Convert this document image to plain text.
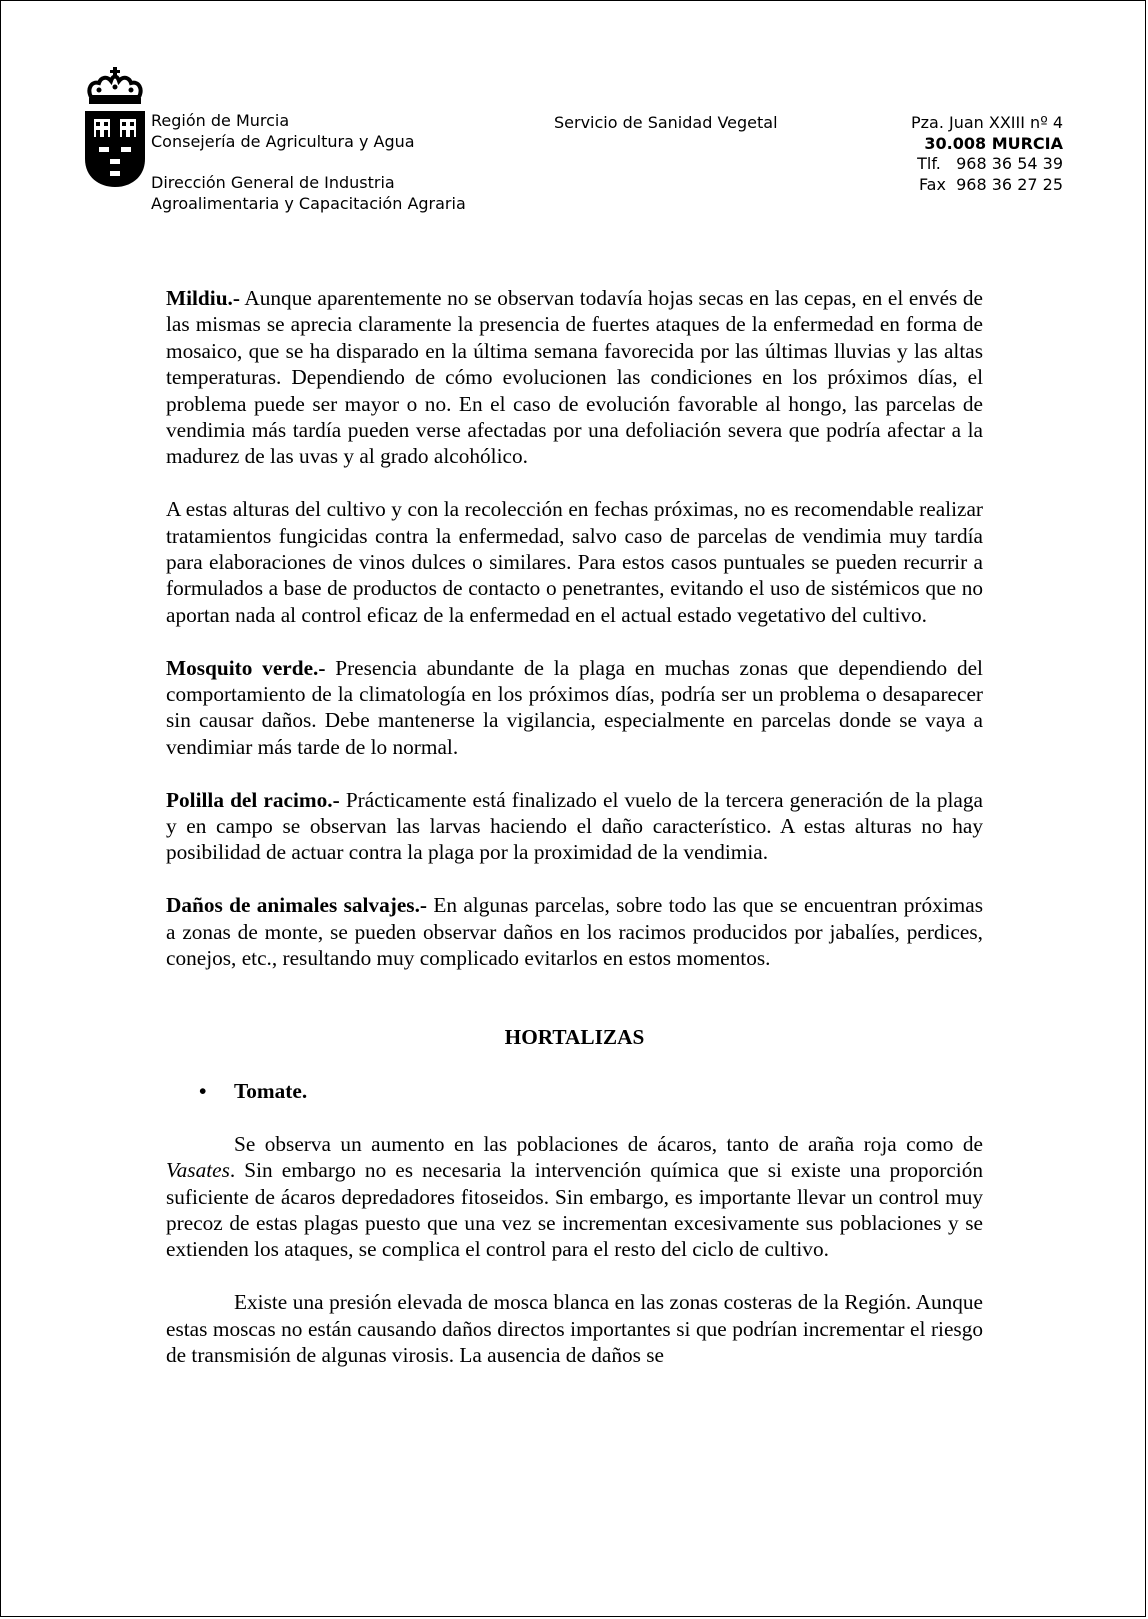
Región de Murcia
Consejería de Agricultura y Agua
Dirección General de Industria
Agroalimentaria y Capacitación Agraria
Servicio de Sanidad Vegetal	Pza. Juan XXIII nº 4
30.008 MURCIA
Tlf.   968 36 54 39
Fax  968 36 27 25

Mildiu.- Aunque aparentemente no se observan todavía hojas secas en las cepas, en el envés de las mismas se aprecia claramente la presencia de fuertes ataques de la enfermedad en forma de mosaico, que se ha disparado en la última semana favorecida por las últimas lluvias y las altas temperaturas. Dependiendo de cómo evolucionen las condiciones en los próximos días, el problema puede ser mayor o no. En el caso de evolución favorable al hongo, las parcelas de vendimia más tardía pueden verse afectadas por una defoliación severa que podría afectar a la madurez de las uvas y al grado alcohólico.

A estas alturas del cultivo y con la recolección en fechas próximas, no es recomendable realizar tratamientos fungicidas contra la enfermedad, salvo caso de parcelas de vendimia muy tardía para elaboraciones de vinos dulces o similares. Para estos casos puntuales se pueden recurrir a formulados a base de productos de contacto o penetrantes, evitando el uso de sistémicos que no aportan nada al control eficaz de la enfermedad en el actual estado vegetativo del cultivo.

Mosquito verde.- Presencia abundante de la plaga en muchas zonas que dependiendo del comportamiento de la climatología en los próximos días, podría ser un problema o desaparecer sin causar daños. Debe mantenerse la vigilancia, especialmente en parcelas donde se vaya a vendimiar más tarde de lo normal.

Polilla del racimo.- Prácticamente está finalizado el vuelo de la tercera generación de la plaga y en campo se observan las larvas haciendo el daño característico. A estas alturas no hay posibilidad de actuar contra la plaga por la proximidad de la vendimia.

Daños de animales salvajes.- En algunas parcelas, sobre todo las que se encuentran próximas a zonas de monte, se pueden observar daños en los racimos producidos por jabalíes, perdices, conejos, etc., resultando muy complicado evitarlos en estos momentos.

HORTALIZAS
•	Tomate.

Se observa un aumento en las poblaciones de ácaros, tanto de araña roja como de Vasates. Sin embargo no es necesaria la intervención química que si existe una proporción suficiente de ácaros depredadores fitoseidos. Sin embargo, es importante llevar un control muy precoz de estas plagas puesto que una vez se incrementan excesivamente sus poblaciones y se extienden los ataques, se complica el control para el resto del ciclo de cultivo.

Existe una presión elevada de mosca blanca en las zonas costeras de la Región. Aunque estas moscas no están causando daños directos importantes si que podrían incrementar el riesgo de transmisión de algunas virosis. La ausencia de daños se
